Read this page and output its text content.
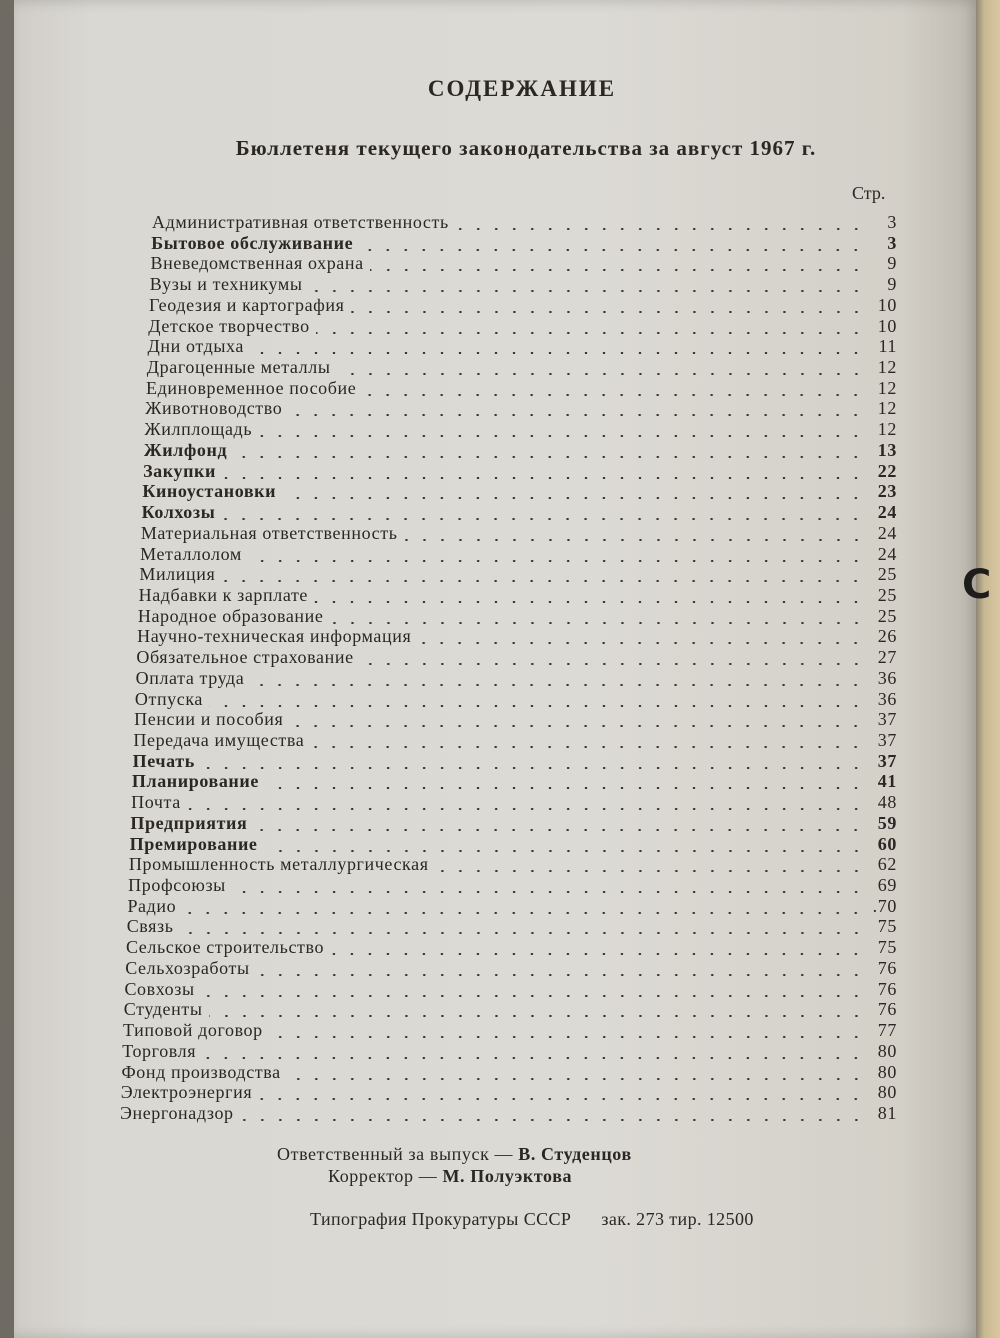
С
СОДЕРЖАНИЕ
Бюллетеня текущего законодательства за август 1967 г.
Стр.
Административная ответственность	3
Бытовое обслуживание	3
Вневедомственная охрана	9
Вузы и техникумы	9
Геодезия и картография	10
Детское творчество	10
Дни отдыха	11
Драгоценные металлы	12
Единовременное пособие	12
Животноводство	12
Жилплощадь	12
Жилфонд	13
Закупки	22
Киноустановки	23
Колхозы	24
Материальная ответственность	24
Металлолом	24
Милиция	25
Надбавки к зарплате	25
Народное образование	25
Научно-техническая информация	26
Обязательное страхование	27
Оплата труда	36
Отпуска	36
Пенсии и пособия	37
Передача имущества	37
Печать	37
Планирование	41
Почта	48
Предприятия	59
Премирование	60
Промышленность металлургическая	62
Профсоюзы	69
Радио	.70
Связь	75
Сельское строительство	75
Сельхозработы	76
Совхозы	76
Студенты	76
Типовой договор	77
Торговля	80
Фонд производства	80
Электроэнергия	80
Энергонадзор	81
Ответственный за выпуск — В. Студенцов
Корректор — М. Полуэктова
Типография Прокуратуры СССР зак. 273 тир. 12500
